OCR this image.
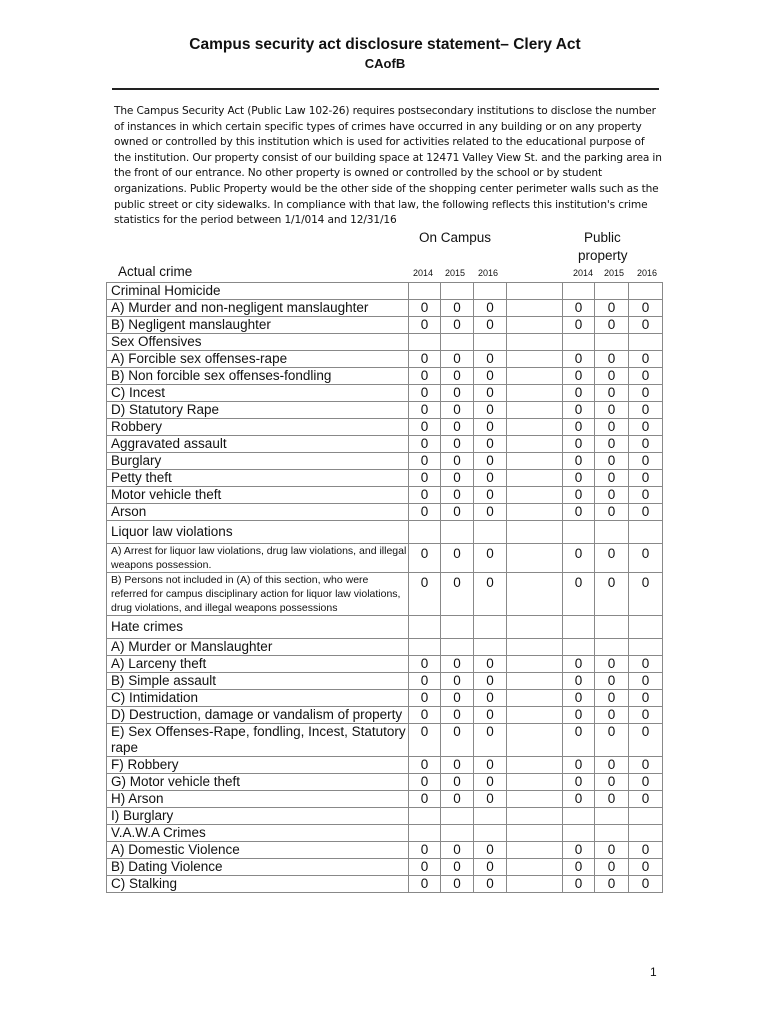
Campus security act disclosure statement– Clery Act
CAofB
The Campus Security Act (Public Law 102-26) requires postsecondary institutions to disclose the number of instances in which certain specific types of crimes have occurred in any building or on any property owned or controlled by this institution which is used for activities related to the educational purpose of the institution. Our property consist of our building space at 12471 Valley View St. and the parking area in the front of our entrance. No other property is owned or controlled by the school or by student organizations. Public Property would be the other side of the shopping center perimeter walls such as the public street or city sidewalks. In compliance with that law, the following reflects this institution's crime statistics for the period between 1/1/014 and 12/31/16
On Campus	Public
property
Actual crime	2014 2015 2016	2014 2015 2016
Criminal Homicide							
A) Murder and non-negligent manslaughter	0	0	0		0	0	0
B) Negligent manslaughter	0	0	0		0	0	0
Sex Offensives							
A) Forcible sex offenses-rape	0	0	0		0	0	0
B) Non forcible sex offenses-fondling	0	0	0		0	0	0
C) Incest	0	0	0		0	0	0
D) Statutory Rape	0	0	0		0	0	0
Robbery	0	0	0		0	0	0
Aggravated assault	0	0	0		0	0	0
Burglary	0	0	0		0	0	0
Petty theft	0	0	0		0	0	0
Motor vehicle theft	0	0	0		0	0	0
Arson	0	0	0		0	0	0
Liquor law violations							
A) Arrest for liquor law violations, drug law violations, and illegal weapons possession.	0	0	0		0	0	0
B) Persons not included in (A) of this section, who were referred for campus disciplinary action for liquor law violations, drug violations, and illegal weapons possessions	0	0	0		0	0	0
Hate crimes							
A) Murder or Manslaughter							
A) Larceny theft	0	0	0		0	0	0
B) Simple assault	0	0	0		0	0	0
C) Intimidation	0	0	0		0	0	0
D) Destruction, damage or vandalism of property	0	0	0		0	0	0
E) Sex Offenses-Rape, fondling, Incest, Statutory rape	0	0	0		0	0	0
F) Robbery	0	0	0		0	0	0
G) Motor vehicle theft	0	0	0		0	0	0
H) Arson	0	0	0		0	0	0
I) Burglary							
V.A.W.A Crimes							
A) Domestic Violence	0	0	0		0	0	0
B) Dating Violence	0	0	0		0	0	0
C) Stalking	0	0	0		0	0	0
1
